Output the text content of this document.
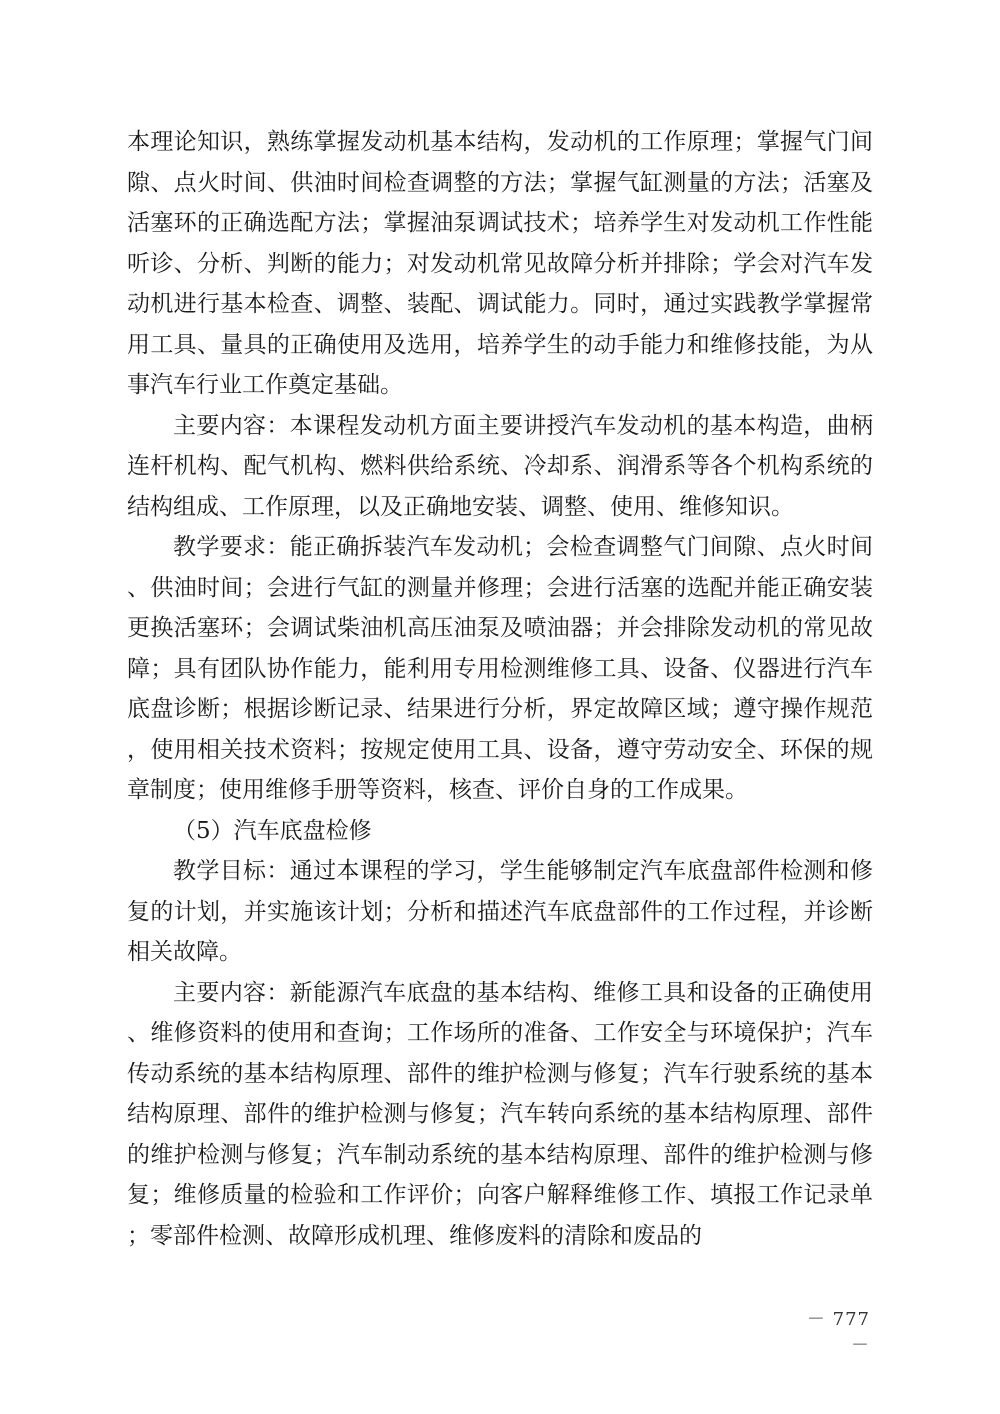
本理论知识，熟练掌握发动机基本结构，发动机的工作原理；掌握气门间隙、点火时间、供油时间检查调整的方法；掌握气缸测量的方法；活塞及活塞环的正确选配方法；掌握油泵调试技术；培养学生对发动机工作性能听诊、分析、判断的能力；对发动机常见故障分析并排除；学会对汽车发动机进行基本检查、调整、装配、调试能力。同时，通过实践教学掌握常用工具、量具的正确使用及选用，培养学生的动手能力和维修技能，为从事汽车行业工作奠定基础。

主要内容：本课程发动机方面主要讲授汽车发动机的基本构造，曲柄连杆机构、配气机构、燃料供给系统、冷却系、润滑系等各个机构系统的结构组成、工作原理，以及正确地安装、调整、使用、维修知识。

教学要求：能正确拆装汽车发动机；会检查调整气门间隙、点火时间、供油时间；会进行气缸的测量并修理；会进行活塞的选配并能正确安装更换活塞环；会调试柴油机高压油泵及喷油器；并会排除发动机的常见故障；具有团队协作能力，能利用专用检测维修工具、设备、仪器进行汽车底盘诊断；根据诊断记录、结果进行分析，界定故障区域；遵守操作规范，使用相关技术资料；按规定使用工具、设备，遵守劳动安全、环保的规章制度；使用维修手册等资料，核查、评价自身的工作成果。

（5）汽车底盘检修

教学目标：通过本课程的学习，学生能够制定汽车底盘部件检测和修复的计划，并实施该计划；分析和描述汽车底盘部件的工作过程，并诊断相关故障。

主要内容：新能源汽车底盘的基本结构、维修工具和设备的正确使用、维修资料的使用和查询；工作场所的准备、工作安全与环境保护；汽车传动系统的基本结构原理、部件的维护检测与修复；汽车行驶系统的基本结构原理、部件的维护检测与修复；汽车转向系统的基本结构原理、部件的维护检测与修复；汽车制动系统的基本结构原理、部件的维护检测与修复；维修质量的检验和工作评价；向客户解释维修工作、填报工作记录单；零部件检测、故障形成机理、维修废料的清除和废品的

－ 777 －
